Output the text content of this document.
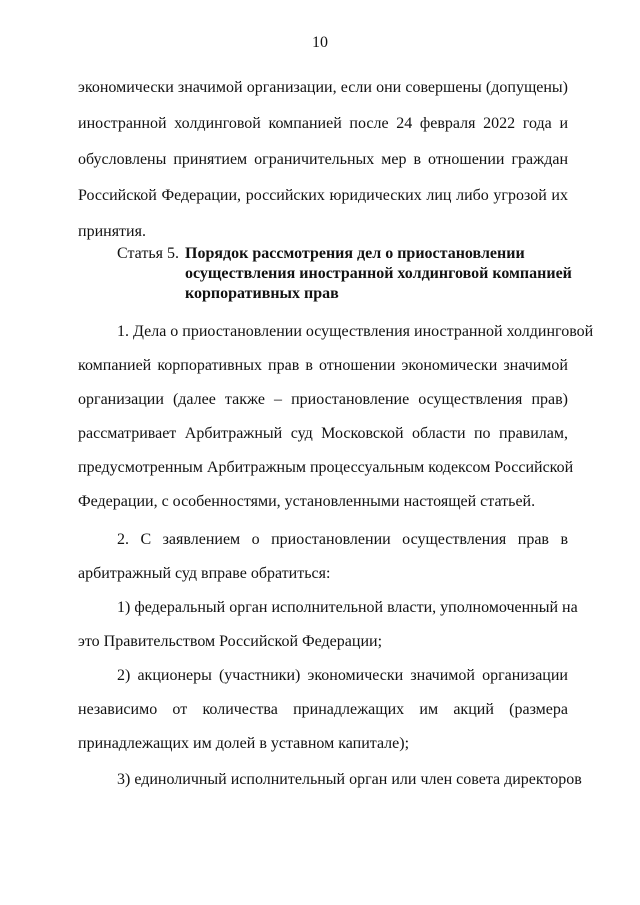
10
экономически значимой организации, если они совершены (допущены)
иностранной холдинговой компанией после 24 февраля 2022 года и
обусловлены принятием ограничительных мер в отношении граждан
Российской Федерации, российских юридических лиц либо угрозой их
принятия.
Статья 5. Порядок рассмотрения дел о приостановлении
осуществления иностранной холдинговой компанией
корпоративных прав
1. Дела о приостановлении осуществления иностранной холдинговой
компанией корпоративных прав в отношении экономически значимой
организации (далее также – приостановление осуществления прав)
рассматривает Арбитражный суд Московской области по правилам,
предусмотренным Арбитражным процессуальным кодексом Российской
Федерации, с особенностями, установленными настоящей статьей.
2. С заявлением о приостановлении осуществления прав в
арбитражный суд вправе обратиться:
1) федеральный орган исполнительной власти, уполномоченный на
это Правительством Российской Федерации;
2) акционеры (участники) экономически значимой организации
независимо от количества принадлежащих им акций (размера
принадлежащих им долей в уставном капитале);
3) единоличный исполнительный орган или член совета директоров
